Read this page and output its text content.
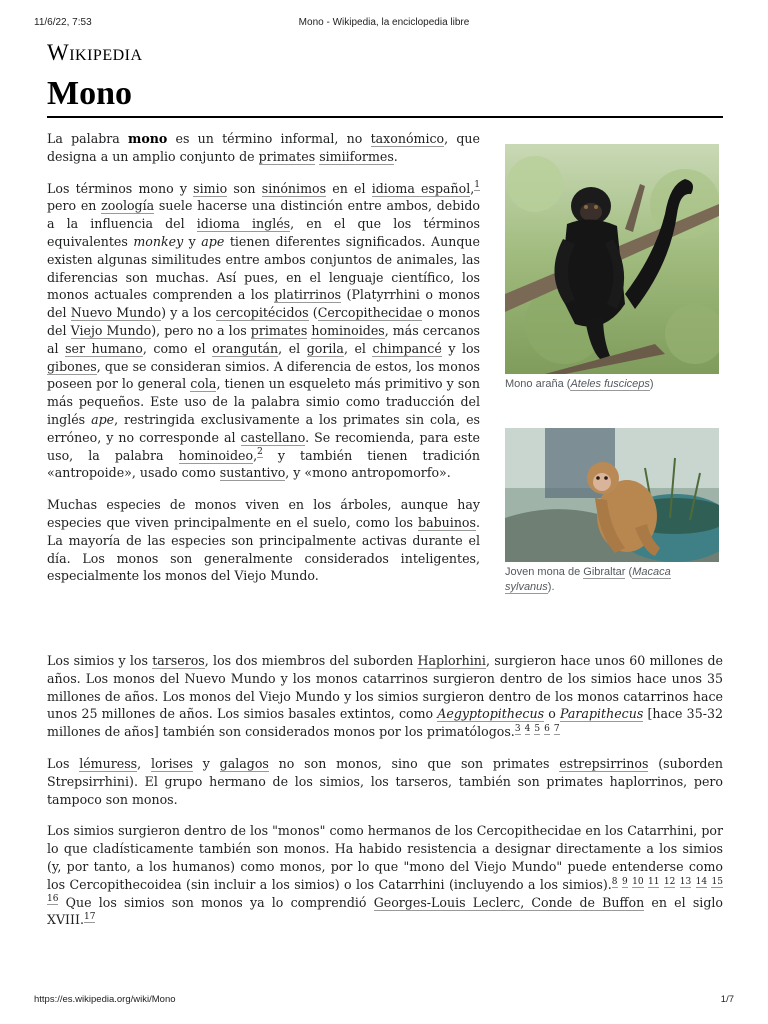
11/6/22, 7:53	Mono - Wikipedia, la enciclopedia libre
Wikipedia
Mono

La palabra mono es un término informal, no taxonómico, que designa a un amplio conjunto de primates simiiformes.

Los términos mono y simio son sinónimos en el idioma español,$^1$ pero en zoología suele hacerse una distinción entre ambos, debido a la influencia del idioma inglés, en el que los términos equivalentes monkey y ape tienen diferentes significados. Aunque existen algunas similitudes entre ambos conjuntos de animales, las diferencias son muchas. Así pues, en el lenguaje científico, los monos actuales comprenden a los platirrinos (Platyrrhini o monos del Nuevo Mundo) y a los cercopitécidos (Cercopithecidae o monos del Viejo Mundo), pero no a los primates hominoides, más cercanos al ser humano, como el orangután, el gorila, el chimpancé y los gibones, que se consideran simios. A diferencia de estos, los monos poseen por lo general cola, tienen un esqueleto más primitivo y son más pequeños. Este uso de la palabra simio como traducción del inglés ape, restringida exclusivamente a los primates sin cola, es erróneo, y no corresponde al castellano. Se recomienda, para este uso, la palabra hominoideo,$^2$ y también tienen tradición «antropoide», usado como sustantivo, y «mono antropomorfo».

Muchas especies de monos viven en los árboles, aunque hay especies que viven principalmente en el suelo, como los babuinos. La mayoría de las especies son principalmente activas durante el día. Los monos son generalmente considerados inteligentes, especialmente los monos del Viejo Mundo.

Mono araña (Ateles fusciceps)
Joven mona de Gibraltar (Macaca sylvanus).

Los simios y los tarseros, los dos miembros del suborden Haplorhini, surgieron hace unos 60 millones de años. Los monos del Nuevo Mundo y los monos catarrinos surgieron dentro de los simios hace unos 35 millones de años. Los monos del Viejo Mundo y los simios surgieron dentro de los monos catarrinos hace unos 25 millones de años. Los simios basales extintos, como Aegyptopithecus o Parapithecus [hace 35-32 millones de años] también son considerados monos por los primatólogos.$^3$ $^4$ $^5$ $^6$ $^7$

Los lémuress, lorises y galagos no son monos, sino que son primates estrepsirrinos (suborden Strepsirrhini). El grupo hermano de los simios, los tarseros, también son primates haplorrinos, pero tampoco son monos.

Los simios surgieron dentro de los "monos" como hermanos de los Cercopithecidae en los Catarrhini, por lo que cladísticamente también son monos. Ha habido resistencia a designar directamente a los simios (y, por tanto, a los humanos) como monos, por lo que "mono del Viejo Mundo" puede entenderse como los Cercopithecoidea (sin incluir a los simios) o los Catarrhini (incluyendo a los simios).$^8$ $^9$ $^{10}$ $^{11}$ $^{12}$ $^{13}$ $^{14}$ $^{15}$ $^{16}$ Que los simios son monos ya lo comprendió Georges-Louis Leclerc, Conde de Buffon en el siglo XVIII.$^{17}$

https://es.wikipedia.org/wiki/Mono	1/7
